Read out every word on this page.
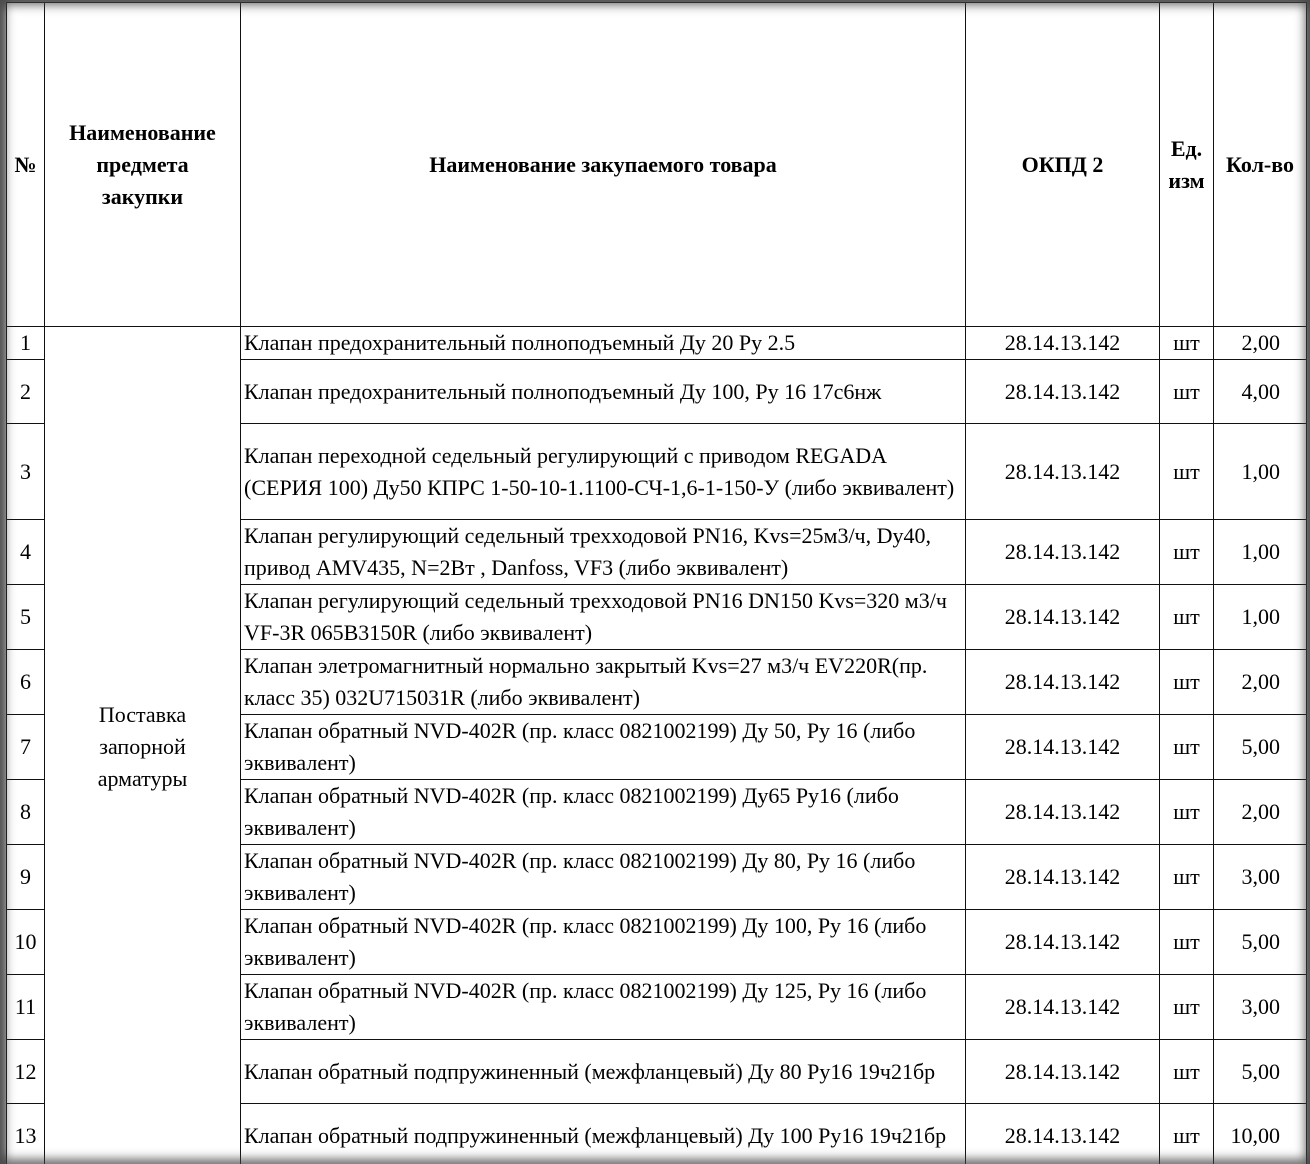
№	Наименование предмета закупки	Наименование закупаемого товара	ОКПД 2	Ед. изм	Кол-во
1	Поставка запорной арматуры	Клапан предохранительный полноподъемный Ду 20 Ру 2.5	28.14.13.142	шт	2,00
2		Клапан предохранительный полноподъемный Ду 100, Ру 16 17с6нж	28.14.13.142	шт	4,00
3		Клапан переходной седельный регулирующий с приводом REGADA (СЕРИЯ 100) Ду50 КПРС 1-50-10-1.1100-СЧ-1,6-1-150-У (либо эквивалент)	28.14.13.142	шт	1,00
4		Клапан регулирующий седельный трехходовой PN16, Kvs=25м3/ч, Dy40, привод AMV435, N=2Вт , Danfoss, VF3 (либо эквивалент)	28.14.13.142	шт	1,00
5		Клапан регулирующий седельный трехходовой PN16 DN150 Kvs=320 м3/ч VF-3R 065B3150R (либо эквивалент)	28.14.13.142	шт	1,00
6		Клапан элетромагнитный нормально закрытый Kvs=27 м3/ч EV220R(пр. класс 35) 032U715031R (либо эквивалент)	28.14.13.142	шт	2,00
7		Клапан обратный NVD-402R (пр. класс 0821002199) Ду 50, Ру 16 (либо эквивалент)	28.14.13.142	шт	5,00
8		Клапан обратный NVD-402R (пр. класс 0821002199) Ду65 Ру16 (либо эквивалент)	28.14.13.142	шт	2,00
9		Клапан обратный NVD-402R (пр. класс 0821002199) Ду 80, Ру 16 (либо эквивалент)	28.14.13.142	шт	3,00
10		Клапан обратный NVD-402R (пр. класс 0821002199) Ду 100, Ру 16 (либо эквивалент)	28.14.13.142	шт	5,00
11		Клапан обратный NVD-402R (пр. класс 0821002199) Ду 125, Ру 16 (либо эквивалент)	28.14.13.142	шт	3,00
12		Клапан обратный подпружиненный (межфланцевый) Ду 80 Ру16 19ч21бр	28.14.13.142	шт	5,00
13		Клапан обратный подпружиненный (межфланцевый) Ду 100 Ру16 19ч21бр	28.14.13.142	шт	10,00
